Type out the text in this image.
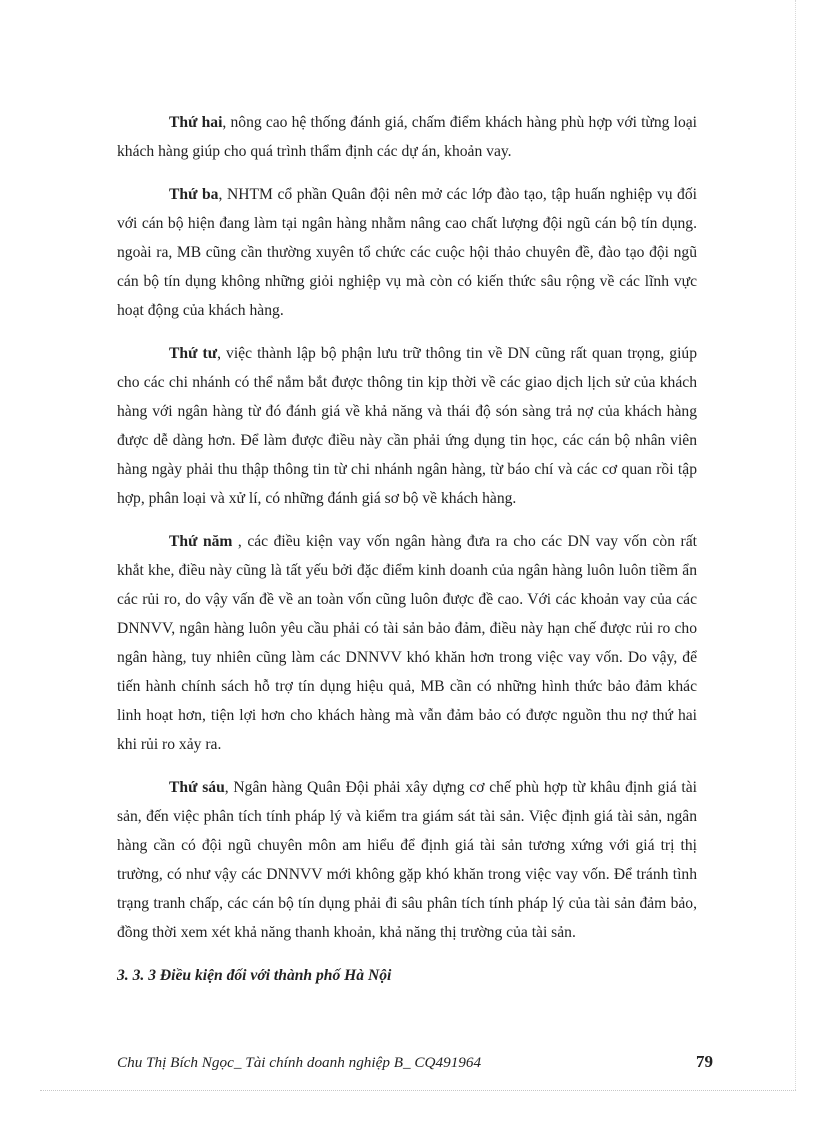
Thứ hai, nông cao hệ thống đánh giá, chấm điểm khách hàng phù hợp với từng loại khách hàng giúp cho quá trình thẩm định các dự án, khoản vay.

Thứ ba, NHTM cổ phần Quân đội nên mở các lớp đào tạo, tập huấn nghiệp vụ đối với cán bộ hiện đang làm tại ngân hàng nhằm nâng cao chất lượng đội ngũ cán bộ tín dụng. ngoài ra, MB cũng cần thường xuyên tổ chức các cuộc hội thảo chuyên đề, đào tạo đội ngũ cán bộ tín dụng không những giỏi nghiệp vụ mà còn có kiến thức sâu rộng về các lĩnh vực hoạt động của khách hàng.

Thứ tư, việc thành lập bộ phận lưu trữ thông tin về DN cũng rất quan trọng, giúp cho các chi nhánh có thể nắm bắt được thông tin kịp thời về các giao dịch lịch sử của khách hàng với ngân hàng từ đó đánh giá về khả năng và thái độ són sàng trả nợ của khách hàng được dễ dàng hơn. Để làm được điều này cần phải ứng dụng tin học, các cán bộ nhân viên hàng ngày phải thu thập thông tin từ chi nhánh ngân hàng, từ báo chí và các cơ quan rồi tập hợp, phân loại và xử lí, có những đánh giá sơ bộ về khách hàng.

Thứ năm , các điều kiện vay vốn ngân hàng đưa ra cho các DN vay vốn còn rất khắt khe, điều này cũng là tất yếu bởi đặc điểm kinh doanh của ngân hàng luôn luôn tiềm ẩn các rủi ro, do vậy vấn đề về an toàn vốn cũng luôn được đề cao. Với các khoản vay của các DNNVV, ngân hàng luôn yêu cầu phải có tài sản bảo đảm, điều này hạn chế được rủi ro cho ngân hàng, tuy nhiên cũng làm các DNNVV khó khăn hơn trong việc vay vốn. Do vậy, để tiến hành chính sách hỗ trợ tín dụng hiệu quả, MB cần có những hình thức bảo đảm khác linh hoạt hơn, tiện lợi hơn cho khách hàng mà vẫn đảm bảo có được nguồn thu nợ thứ hai khi rủi ro xảy ra.

Thứ sáu, Ngân hàng Quân Đội phải xây dựng cơ chế phù hợp từ khâu định giá tài sản, đến việc phân tích tính pháp lý và kiểm tra giám sát tài sản. Việc định giá tài sản, ngân hàng cần có đội ngũ chuyên môn am hiểu để định giá tài sản tương xứng với giá trị thị trường, có như vậy các DNNVV mới không gặp khó khăn trong việc vay vốn. Để tránh tình trạng tranh chấp, các cán bộ tín dụng phải đi sâu phân tích tính pháp lý của tài sản đảm bảo, đồng thời xem xét khả năng thanh khoản, khả năng thị trường của tài sản.

3. 3. 3 Điều kiện đối với thành phố Hà Nội
Chu Thị Bích Ngọc_ Tài chính doanh nghiệp B_ CQ491964	79
